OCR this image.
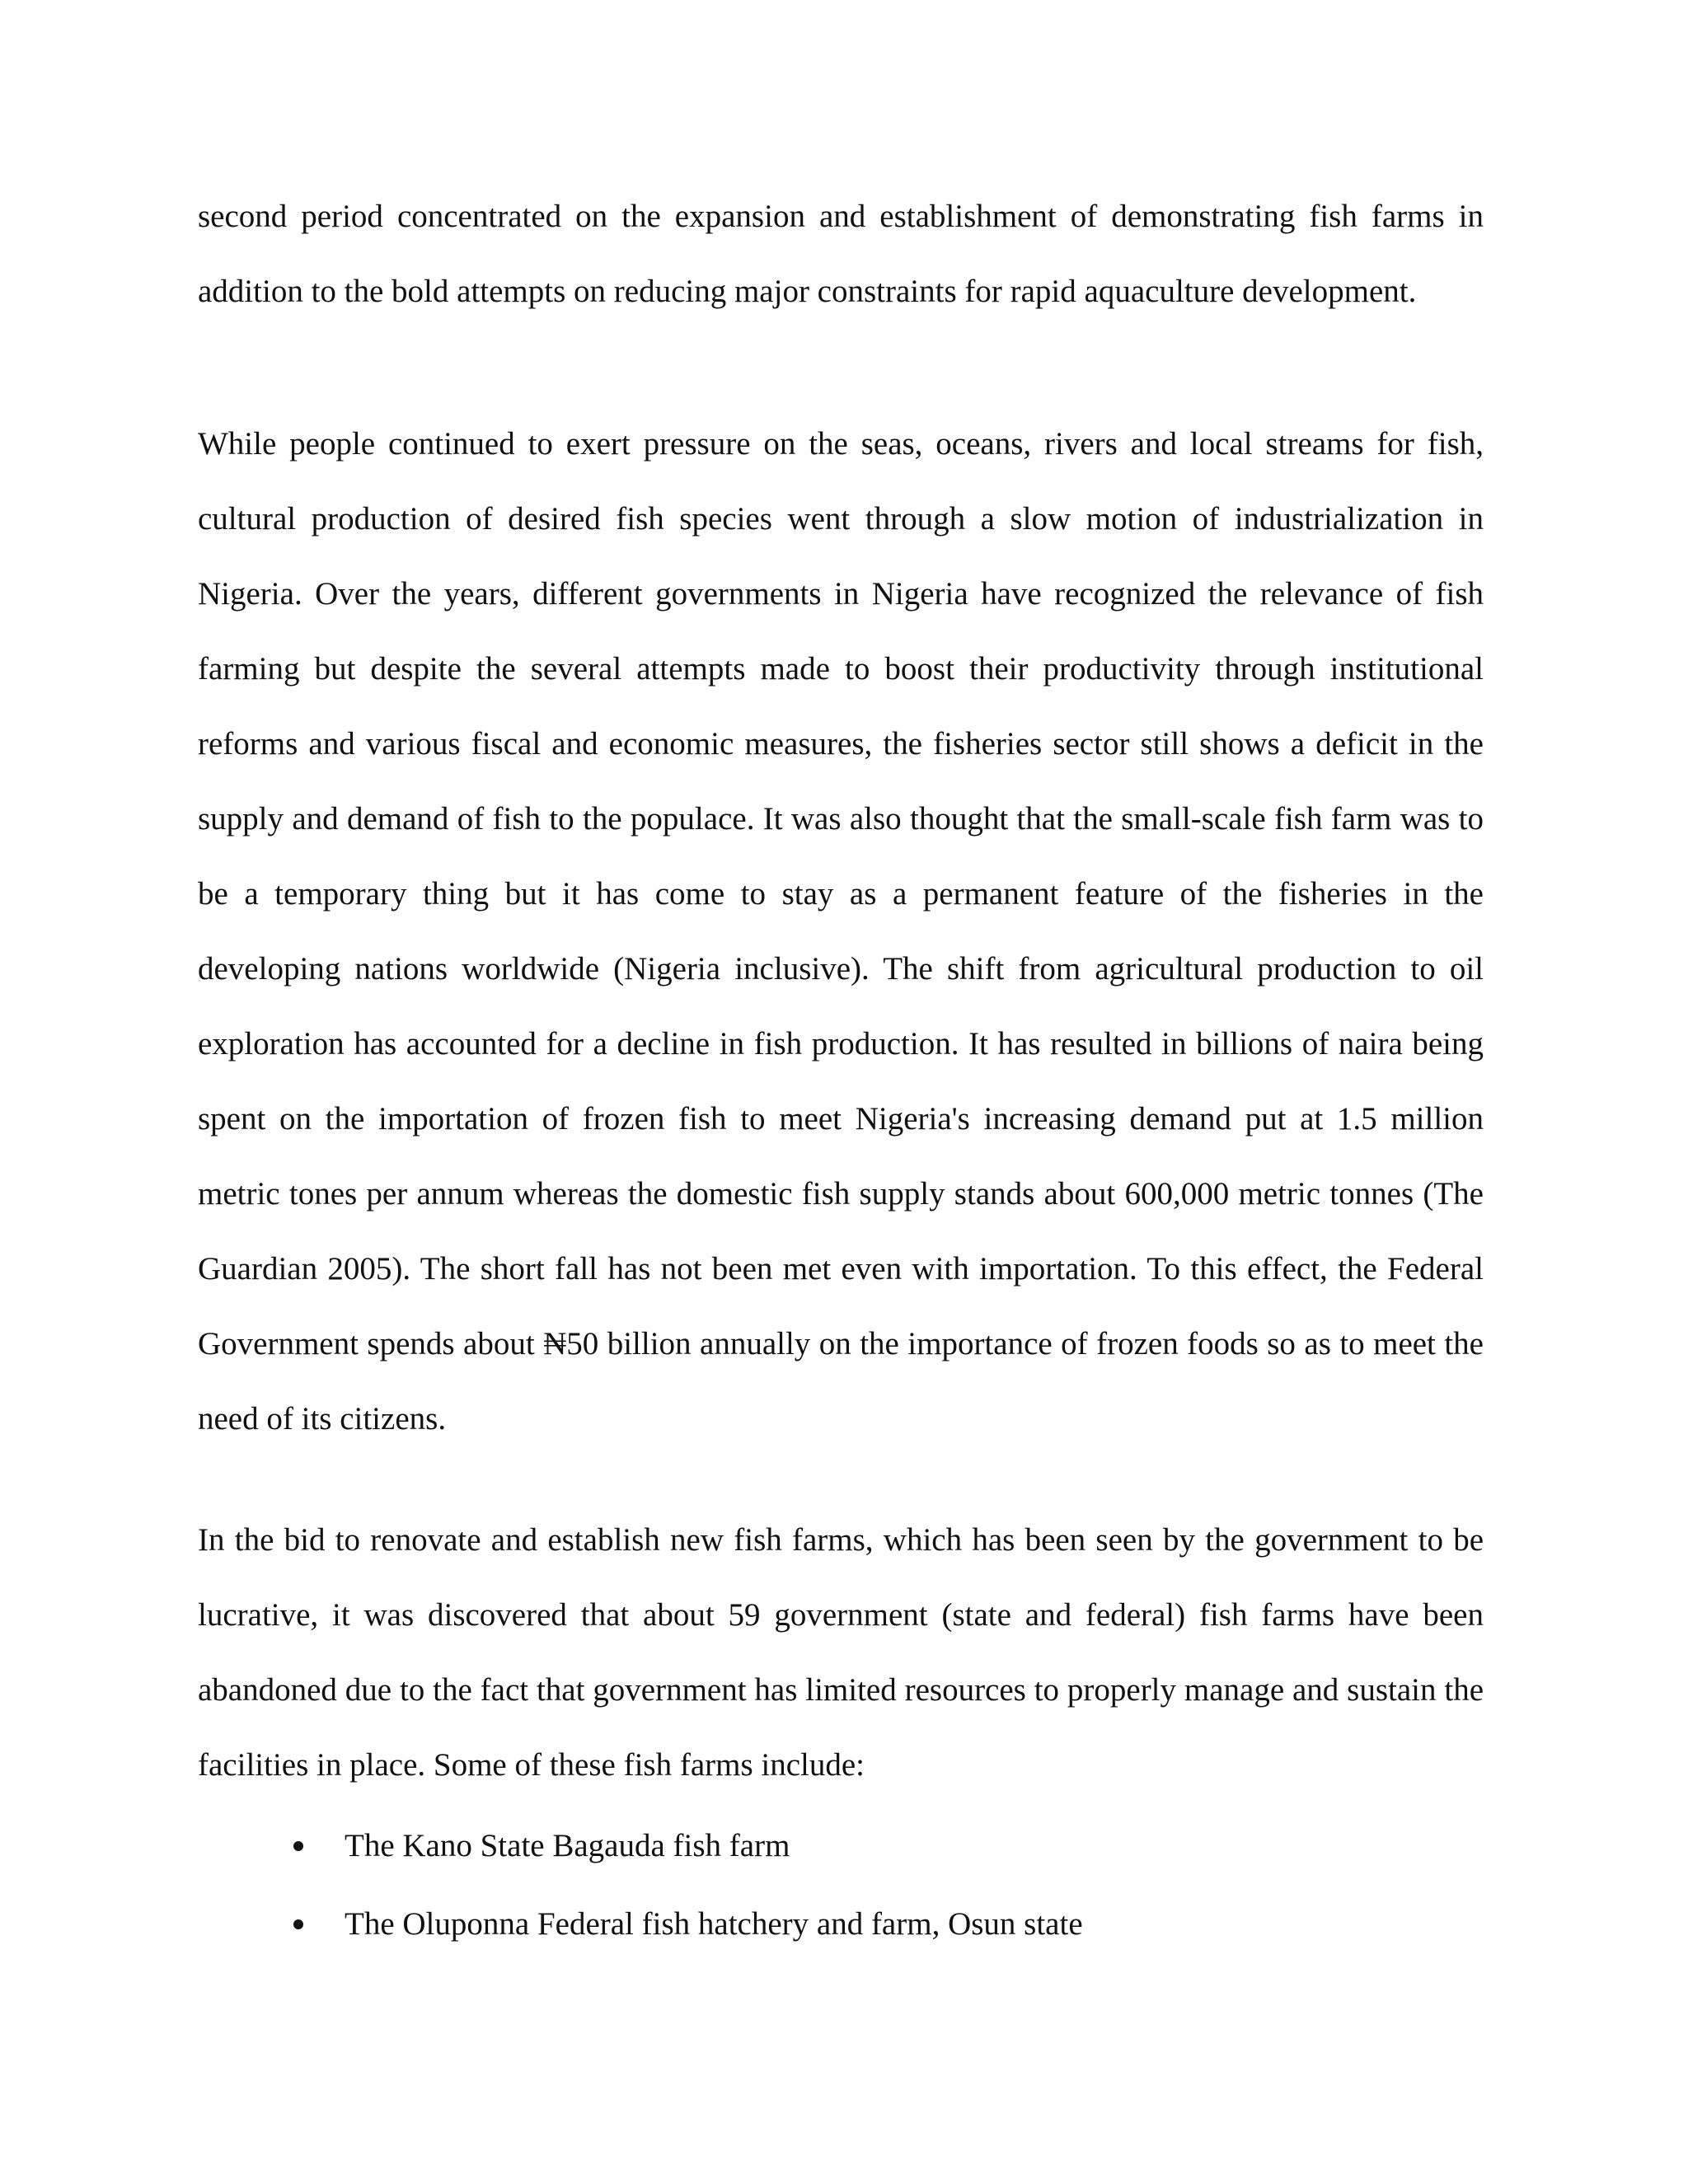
second period concentrated on the expansion and establishment of demonstrating fish farms in addition to the bold attempts on reducing major constraints for rapid aquaculture development.

While people continued to exert pressure on the seas, oceans, rivers and local streams for fish, cultural production of desired fish species went through a slow motion of industrialization in Nigeria. Over the years, different governments in Nigeria have recognized the relevance of fish farming but despite the several attempts made to boost their productivity through institutional reforms and various fiscal and economic measures, the fisheries sector still shows a deficit in the supply and demand of fish to the populace. It was also thought that the small-scale fish farm was to be a temporary thing but it has come to stay as a permanent feature of the fisheries in the developing nations worldwide (Nigeria inclusive). The shift from agricultural production to oil exploration has accounted for a decline in fish production. It has resulted in billions of naira being spent on the importation of frozen fish to meet Nigeria's increasing demand put at 1.5 million metric tones per annum whereas the domestic fish supply stands about 600,000 metric tonnes (The Guardian 2005). The short fall has not been met even with importation. To this effect, the Federal Government spends about ₦50 billion annually on the importance of frozen foods so as to meet the need of its citizens.

In the bid to renovate and establish new fish farms, which has been seen by the government to be lucrative, it was discovered that about 59 government (state and federal) fish farms have been abandoned due to the fact that government has limited resources to properly manage and sustain the facilities in place. Some of these fish farms include:

The Kano State Bagauda fish farm
The Oluponna Federal fish hatchery and farm, Osun state
